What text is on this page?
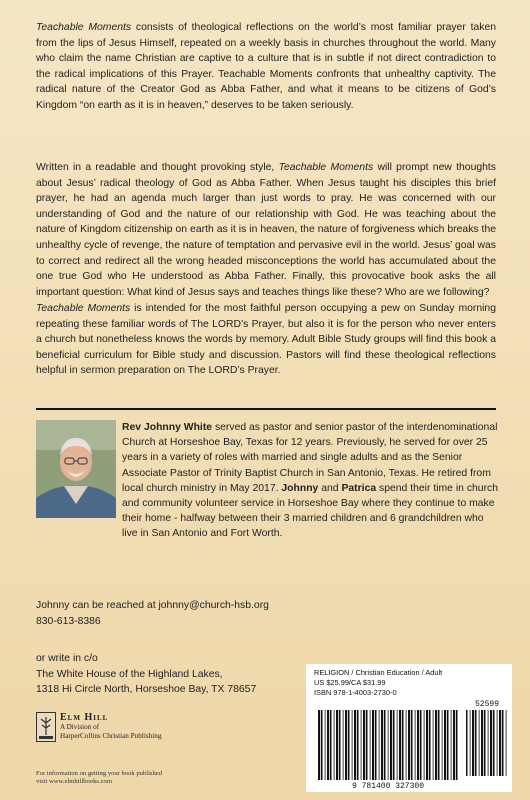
Teachable Moments consists of theological reflections on the world’s most familiar prayer taken from the lips of Jesus Himself, repeated on a weekly basis in churches throughout the world. Many who claim the name Christian are captive to a culture that is in subtle if not direct contradiction to the radical implications of this Prayer. Teachable Moments confronts that unhealthy captivity. The radical nature of the Creator God as Abba Father, and what it means to be citizens of God’s Kingdom “on earth as it is in heaven,” deserves to be taken seriously.

Written in a readable and thought provoking style, Teachable Moments will prompt new thoughts about Jesus’ radical theology of God as Abba Father. When Jesus taught his disciples this brief prayer, he had an agenda much larger than just words to pray. He was concerned with our understanding of God and the nature of our relationship with God. He was teaching about the nature of Kingdom citizenship on earth as it is in heaven, the nature of forgiveness which breaks the unhealthy cycle of revenge, the nature of temptation and pervasive evil in the world. Jesus’ goal was to correct and redirect all the wrong headed misconceptions the world has accumulated about the one true God who He understood as Abba Father. Finally, this provocative book asks the all important question: What kind of Jesus says and teaches things like these? Who are we following?

Teachable Moments is intended for the most faithful person occupying a pew on Sunday morning repeating these familiar words of The LORD’s Prayer, but also it is for the person who never enters a church but nonetheless knows the words by memory. Adult Bible Study groups will find this book a beneficial curriculum for Bible study and discussion. Pastors will find these theological reflections helpful in sermon preparation on The LORD’s Prayer.

Rev Johnny White served as pastor and senior pastor of the interdenominational Church at Horseshoe Bay, Texas for 12 years. Previously, he served for over 25 years in a variety of roles with married and single adults and as the Senior Associate Pastor of Trinity Baptist Church in San Antonio, Texas. He retired from local church ministry in May 2017. Johnny and Patrica spend their time in church and community volunteer service in Horseshoe Bay where they continue to make their home - halfway between their 3 married children and 6 grandchildren who live in San Antonio and Fort Worth.

Johnny can be reached at johnny@church-hsb.org
830-613-8386
or write in c/o
The White House of the Highland Lakes,
1318 Hi Circle North, Horseshoe Bay, TX 78657
Elm Hill
A Division of
HarperCollins Christian Publishing
For information on getting your book published
visit www.elmhillbooks.com
RELIGION / Christian Education / Adult
US $25.99/CA $31.99
ISBN 978-1-4003-2730-0
52599
9 781400 327300
